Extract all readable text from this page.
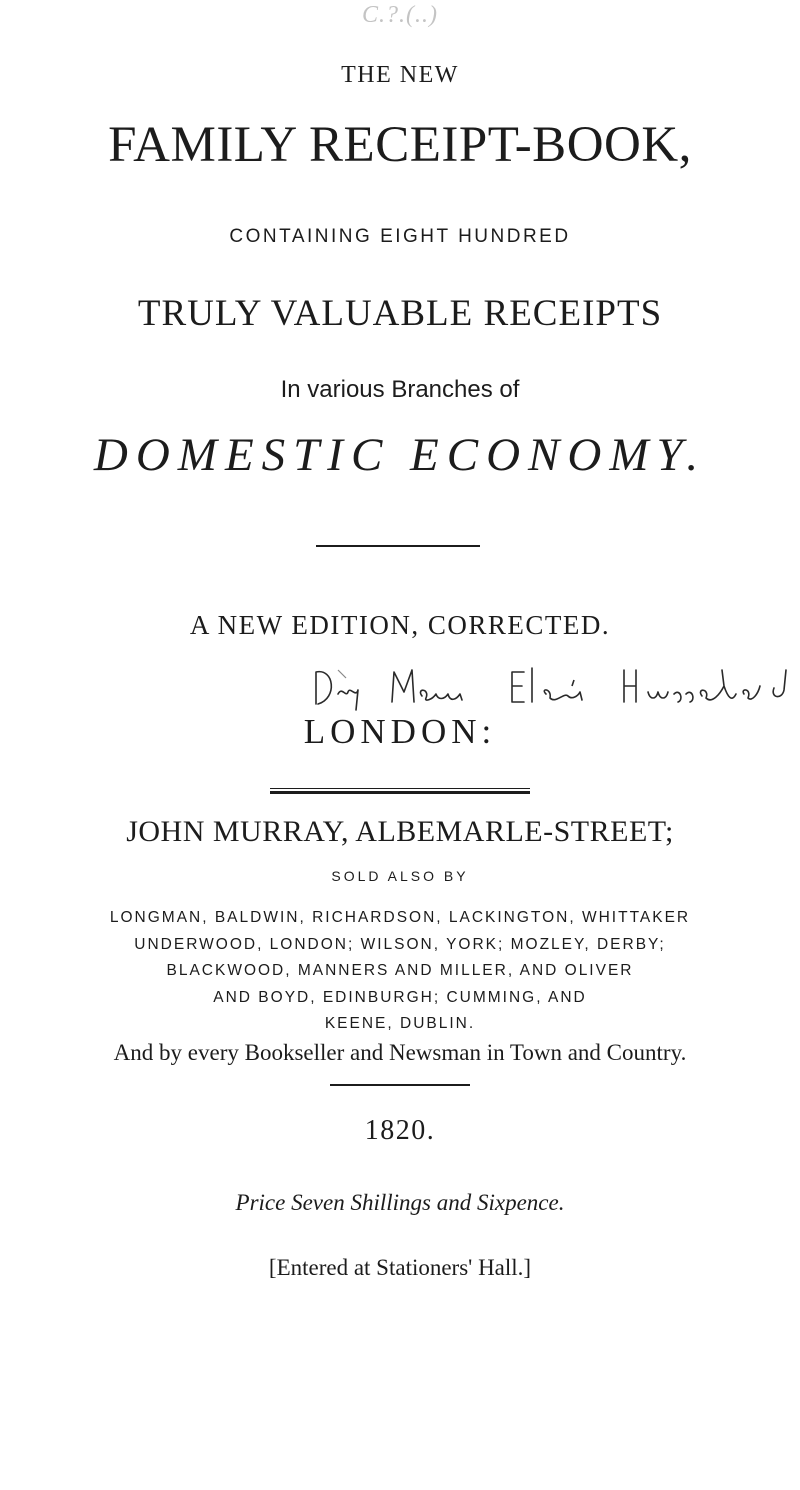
C.?.(..)
THE NEW
FAMILY RECEIPT-BOOK,
CONTAINING EIGHT HUNDRED
TRULY VALUABLE RECEIPTS
In various Branches of
DOMESTIC ECONOMY.
A NEW EDITION, CORRECTED.
LONDON:
JOHN MURRAY, ALBEMARLE-STREET;
SOLD ALSO BY
LONGMAN, BALDWIN, RICHARDSON, LACKINGTON, WHITTAKER
UNDERWOOD, LONDON; WILSON, YORK; MOZLEY, DERBY;
BLACKWOOD, MANNERS AND MILLER, AND OLIVER
AND BOYD, EDINBURGH; CUMMING, AND
KEENE, DUBLIN.
And by every Bookseller and Newsman in Town and Country.
1820.
Price Seven Shillings and Sixpence.
[Entered at Stationers' Hall.]
